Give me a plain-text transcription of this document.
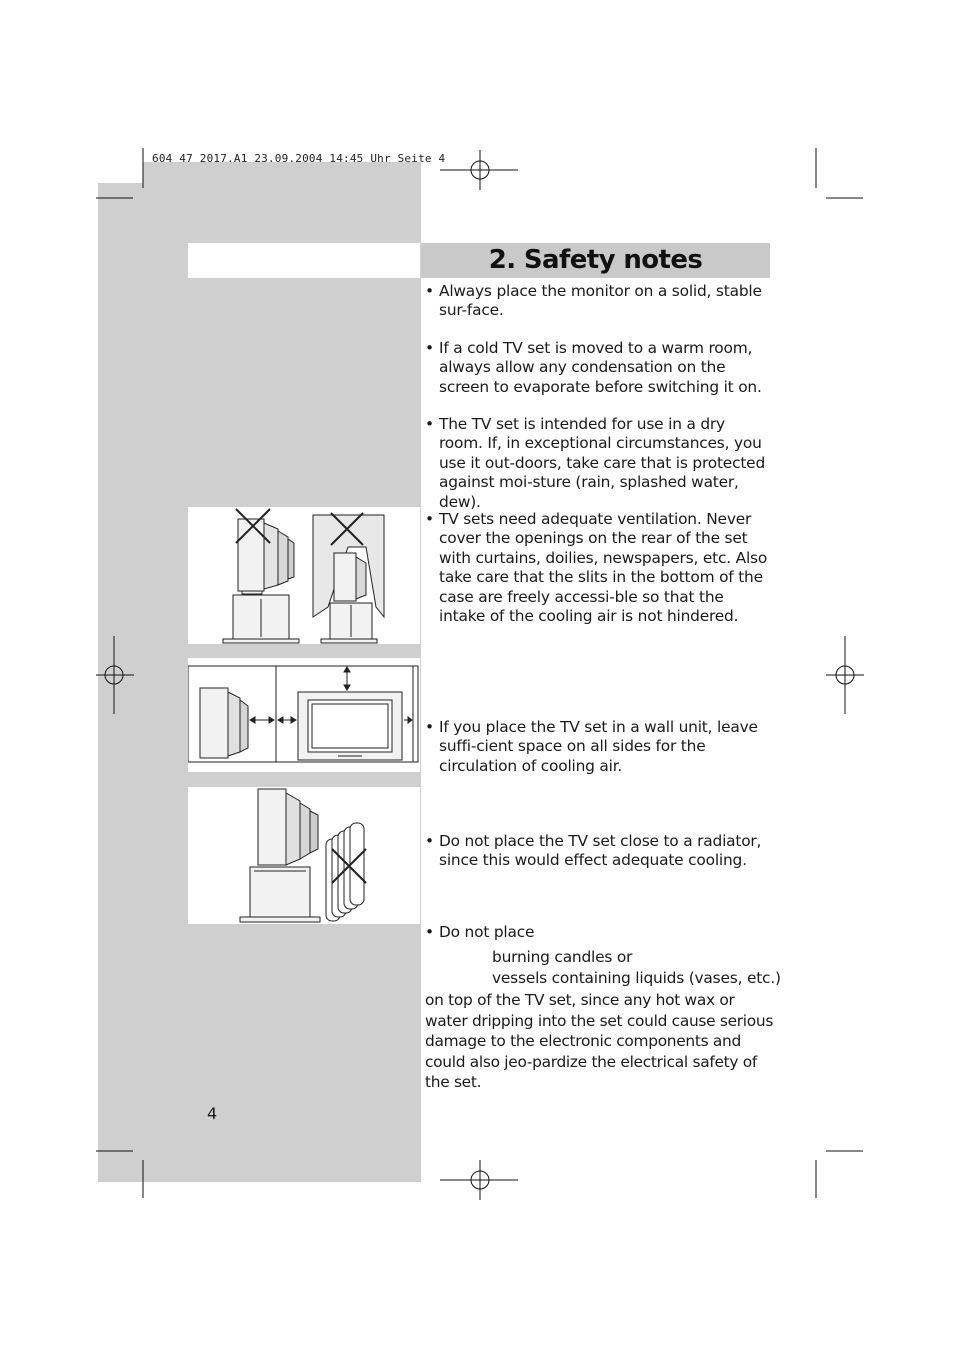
604 47 2017.A1 23.09.2004 14:45 Uhr Seite 4
2. Safety notes
• Always place the monitor on a solid, stable sur-face.
• If a cold TV set is moved to a warm room, always allow any condensation on the screen to evaporate before switching it on.
• The TV set is intended for use in a dry room. If, in exceptional circumstances, you use it out-doors, take care that is protected against moi-sture (rain, splashed water, dew).
• TV sets need adequate ventilation. Never cover the openings on the rear of the set with curtains, doilies, newspapers, etc. Also take care that the slits in the bottom of the case are freely accessi-ble so that the intake of the cooling air is not hindered.
• If you place the TV set in a wall unit, leave suffi-cient space on all sides for the circulation of cooling air.
• Do not place the TV set close to a radiator, since this would effect adequate cooling.
• Do not place
burning candles or
vessels containing liquids (vases, etc.)
on top of the TV set, since any hot wax or water dripping into the set could cause serious damage to the electronic components and could also jeo-pardize the electrical safety of the set.
4
